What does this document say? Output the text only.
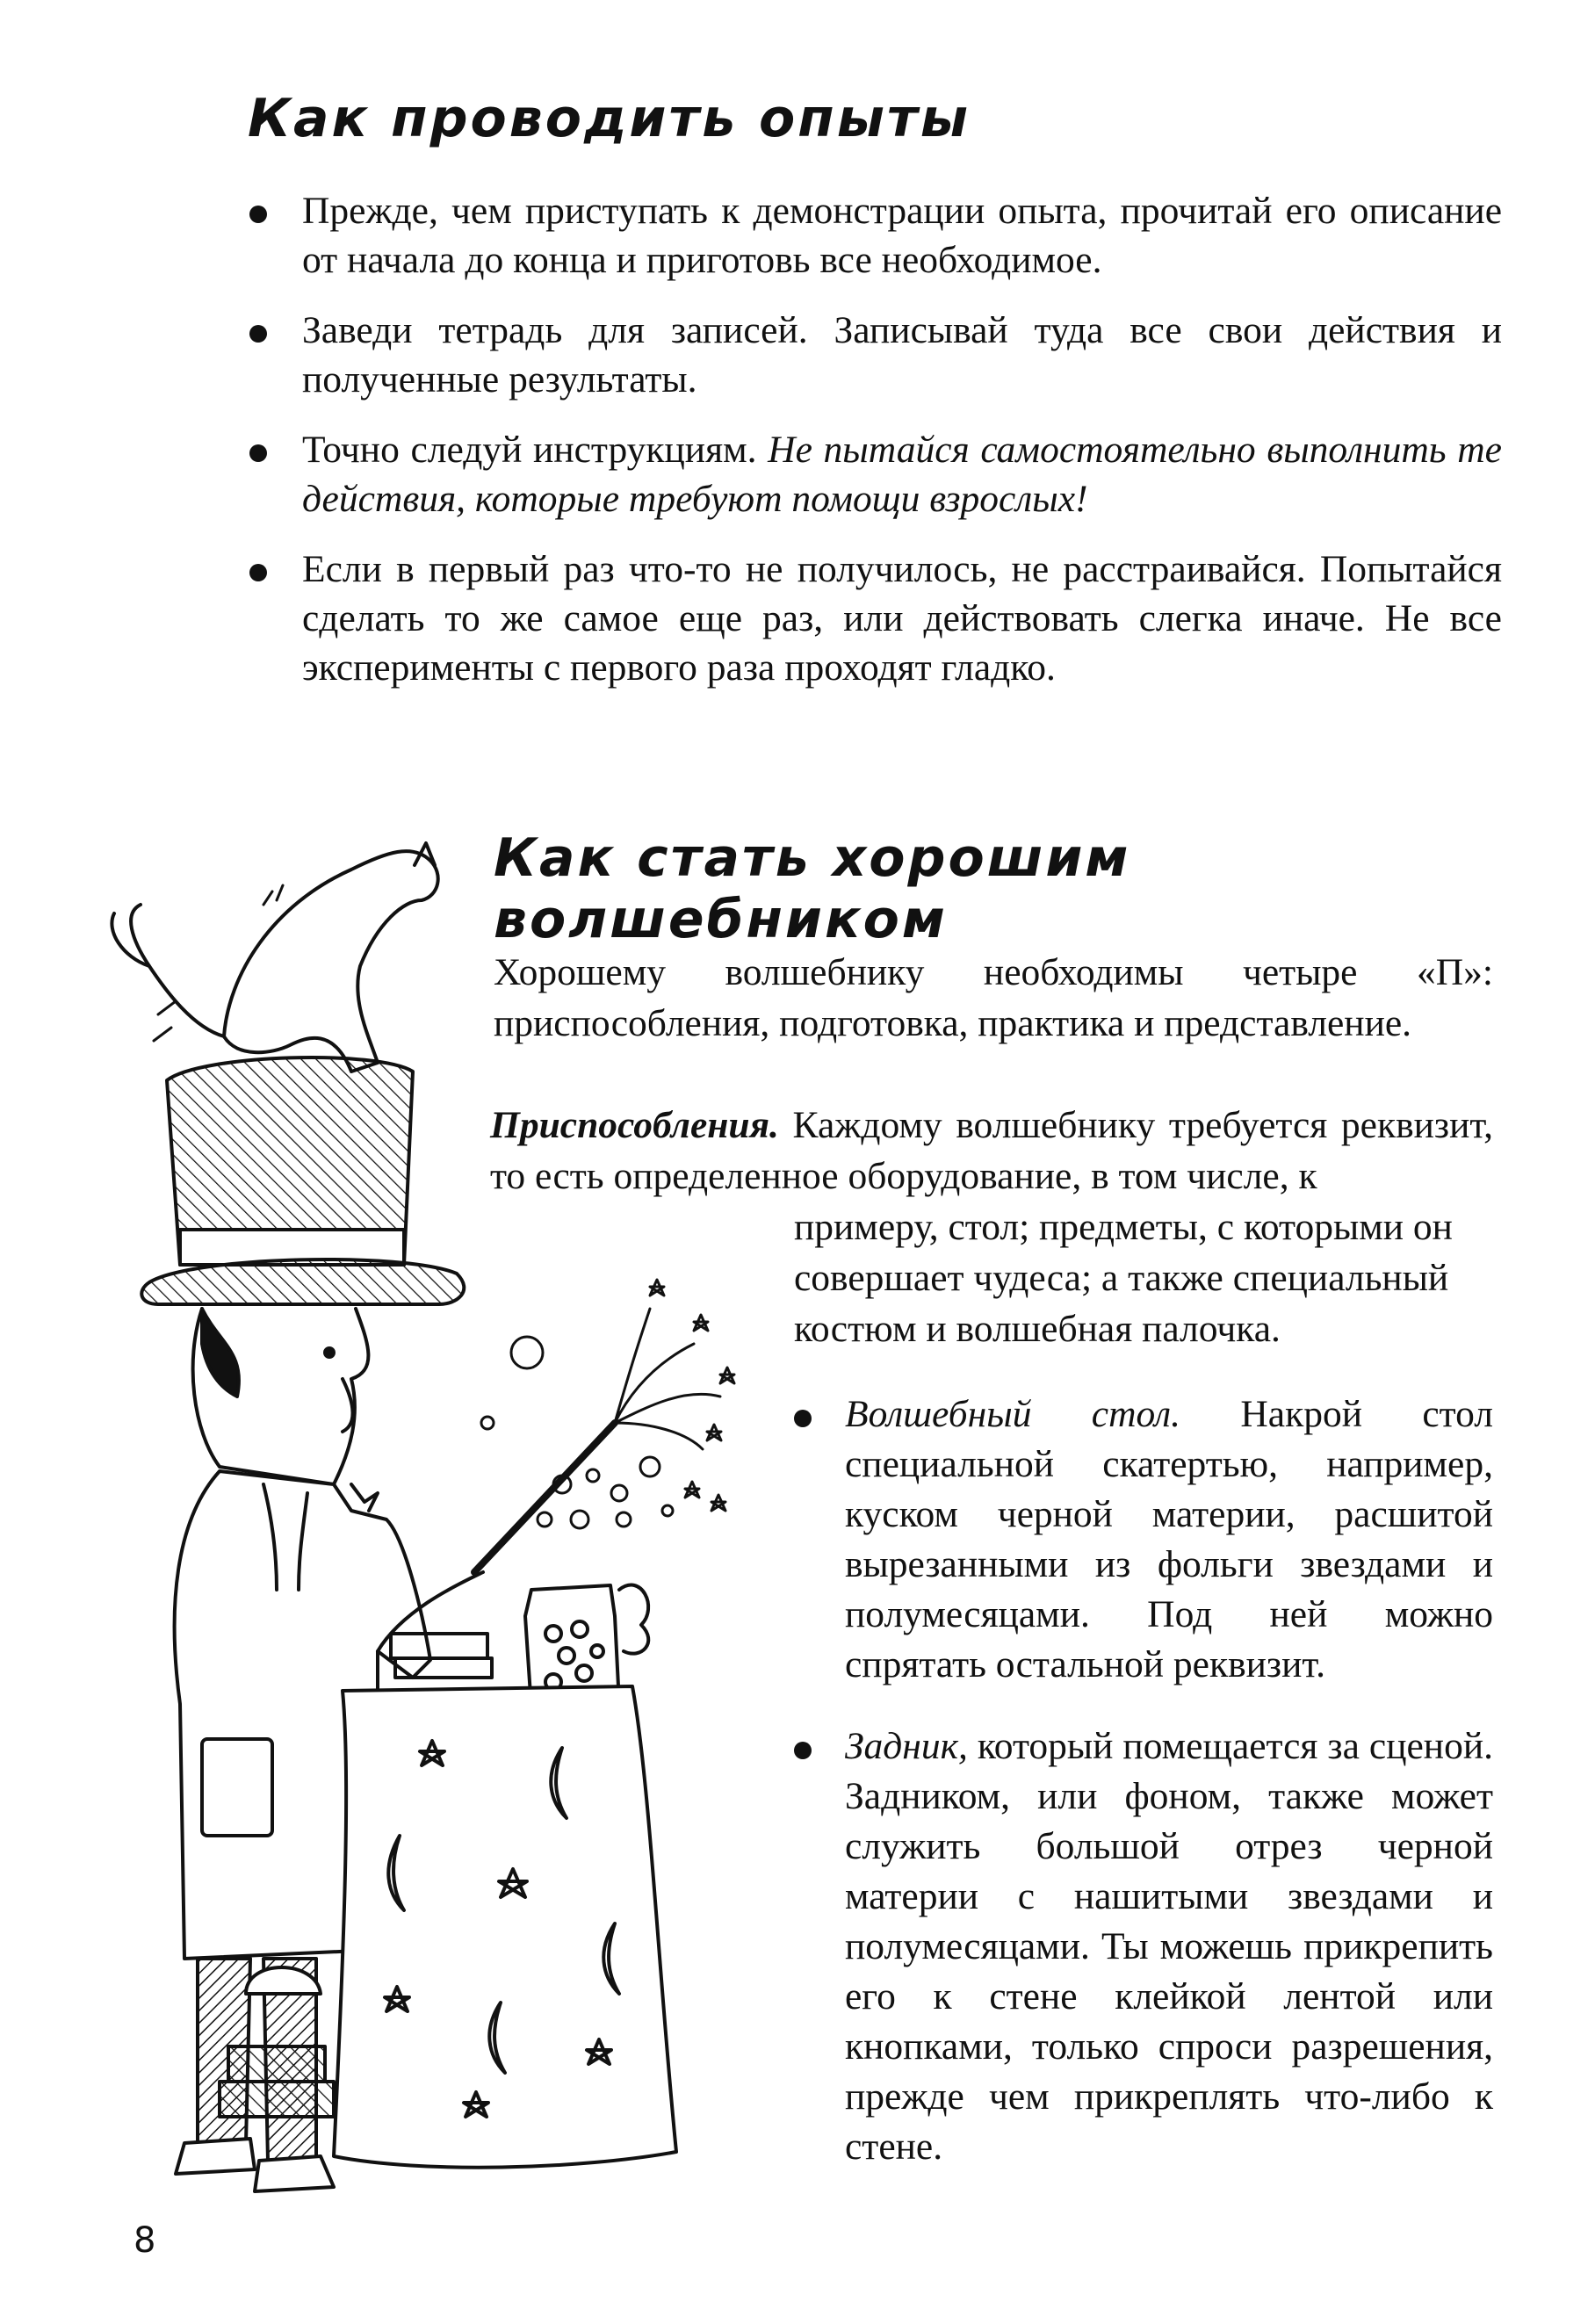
Как проводить опыты
Прежде, чем приступать к демонстрации опыта, прочитай его описание от начала до конца и приготовь все необходимое.
Заведи тетрадь для записей. Записывай туда все свои действия и полученные результаты.
Точно следуй инструкциям. Не пытайся самостоятельно выполнить те действия, которые требуют помощи взрослых!
Если в первый раз что-то не получилось, не расстраивайся. Попытайся сделать то же самое еще раз, или действовать слегка иначе. Не все эксперименты с первого раза проходят гладко.
Как стать хорошим волшебником

Хорошему волшебнику необходимы четыре «П»: приспособления, подготовка, практика и представление.

Приспособления. Каждому волшебнику требуется реквизит, то есть определенное оборудование, в том числе, к

примеру, стол; предметы, с которыми он совершает чудеса; а также специальный костюм и волшебная палочка.

Волшебный стол. Накрой стол специальной скатертью, например, куском черной материи, расшитой вырезанными из фольги звездами и полумесяцами. Под ней можно спрятать остальной реквизит.
Задник, который помещается за сценой. Задником, или фоном, также может служить большой отрез черной материи с нашитыми звездами и полумесяцами. Ты можешь прикрепить его к стене клейкой лентой или кнопками, только спроси разрешения, прежде чем прикреплять что-либо к стене.
8
